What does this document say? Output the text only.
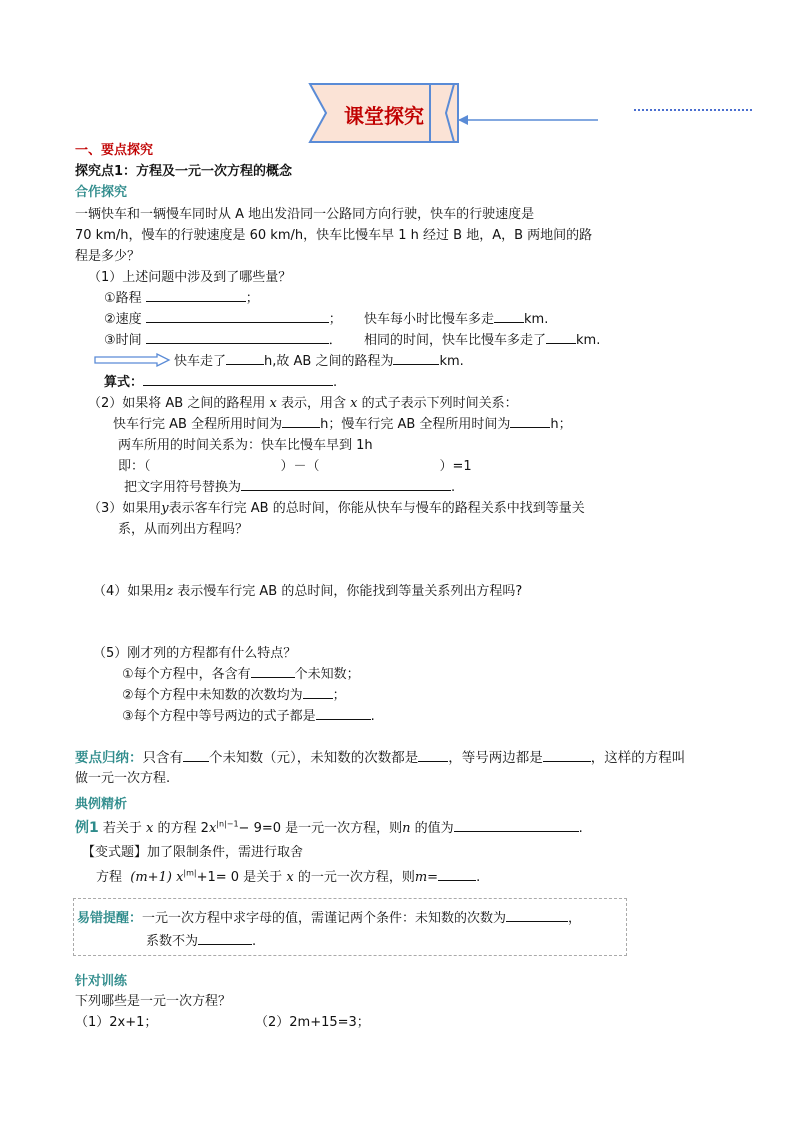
课堂探究
一、要点探究
探究点1：方程及一元一次方程的概念
合作探究
一辆快车和一辆慢车同时从 A 地出发沿同一公路同方向行驶，快车的行驶速度是
70 km/h，慢车的行驶速度是 60 km/h，快车比慢车早 1 h 经过 B 地，A，B 两地间的路
程是多少？
（1）上述问题中涉及到了哪些量？
①路程	；
②速度	； 快车每小时比慢车多走 km.
③时间	． 相同的时间，快车比慢车多走了 km.
快车走了	h,故 AB 之间的路程为	km.
算式：	.
（2）如果将 AB 之间的路程用 x 表示，用含 x 的式子表示下列时间关系：
快车行完 AB 全程所用时间为	h；慢车行完 AB 全程所用时间为	h；
两车所用的时间关系为：快车比慢车早到 1h
即：（	）－（	）=1
把文字用符号替换为	.
（3）如果用y表示客车行完 AB 的总时间，你能从快车与慢车的路程关系中找到等量关
系，从而列出方程吗？
（4）如果用z 表示慢车行完 AB 的总时间，你能找到等量关系列出方程吗?
（5）刚才列的方程都有什么特点？
①每个方程中，各含有	个未知数；
②每个方程中未知数的次数均为 ；
③每个方程中等号两边的式子都是	.
要点归纳：只含有 个未知数（元），未知数的次数都是 ，等号两边都是	，这样的方程叫
做一元一次方程.
典例精析
例1 若关于 x 的方程 $2x^{|n|-1}- 9=0$ 是一元一次方程，则n 的值为	.
【变式题】加了限制条件，需进行取舍
方程 (m+1) $x^{|m|}+1= 0$ 是关于 x 的一元一次方程，则m=	.
易错提醒：一元一次方程中求字母的值，需谨记两个条件：未知数的次数为	，
系数不为	.
针对训练
下列哪些是一元一次方程？
（1）2x+1；	（2）2m+15=3；
